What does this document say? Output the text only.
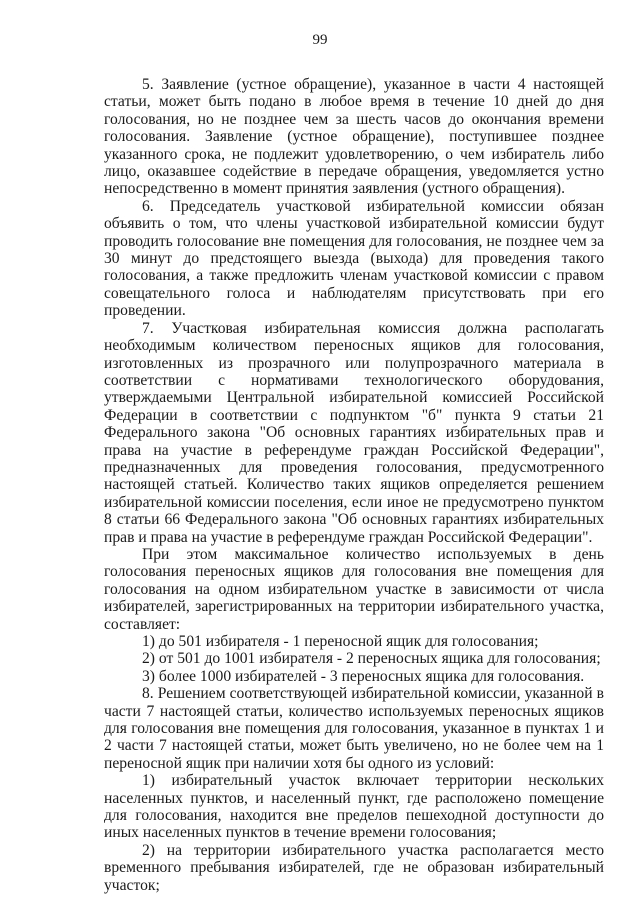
99

5. Заявление (устное обращение), указанное в части 4 настоящей статьи, может быть подано в любое время в течение 10 дней до дня голосования, но не позднее чем за шесть часов до окончания времени голосования. Заявление (устное обращение), поступившее позднее указанного срока, не подлежит удовлетворению, о чем избиратель либо лицо, оказавшее содействие в передаче обращения, уведомляется устно непосредственно в момент принятия заявления (устного обращения).

6. Председатель участковой избирательной комиссии обязан объявить о том, что члены участковой избирательной комиссии будут проводить голосование вне помещения для голосования, не позднее чем за 30 минут до предстоящего выезда (выхода) для проведения такого голосования, а также предложить членам участковой комиссии с правом совещательного голоса и наблюдателям присутствовать при его проведении.

7. Участковая избирательная комиссия должна располагать необходимым количеством переносных ящиков для голосования, изготовленных из прозрачного или полупрозрачного материала в соответствии с нормативами технологического оборудования, утверждаемыми Центральной избирательной комиссией Российской Федерации в соответствии с подпунктом "б" пункта 9 статьи 21 Федерального закона "Об основных гарантиях избирательных прав и права на участие в референдуме граждан Российской Федерации", предназначенных для проведения голосования, предусмотренного настоящей статьей. Количество таких ящиков определяется решением избирательной комиссии поселения, если иное не предусмотрено пунктом 8 статьи 66 Федерального закона "Об основных гарантиях избирательных прав и права на участие в референдуме граждан Российской Федерации".

При этом максимальное количество используемых в день голосования переносных ящиков для голосования вне помещения для голосования на одном избирательном участке в зависимости от числа избирателей, зарегистрированных на территории избирательного участка, составляет:

1) до 501 избирателя - 1 переносной ящик для голосования;

2) от 501 до 1001 избирателя - 2 переносных ящика для голосования;

3) более 1000 избирателей - 3 переносных ящика для голосования.

8. Решением соответствующей избирательной комиссии, указанной в части 7 настоящей статьи, количество используемых переносных ящиков для голосования вне помещения для голосования, указанное в пунктах 1 и 2 части 7 настоящей статьи, может быть увеличено, но не более чем на 1 переносной ящик при наличии хотя бы одного из условий:

1) избирательный участок включает территории нескольких населенных пунктов, и населенный пункт, где расположено помещение для голосования, находится вне пределов пешеходной доступности до иных населенных пунктов в течение времени голосования;

2) на территории избирательного участка располагается место временного пребывания избирателей, где не образован избирательный участок;
